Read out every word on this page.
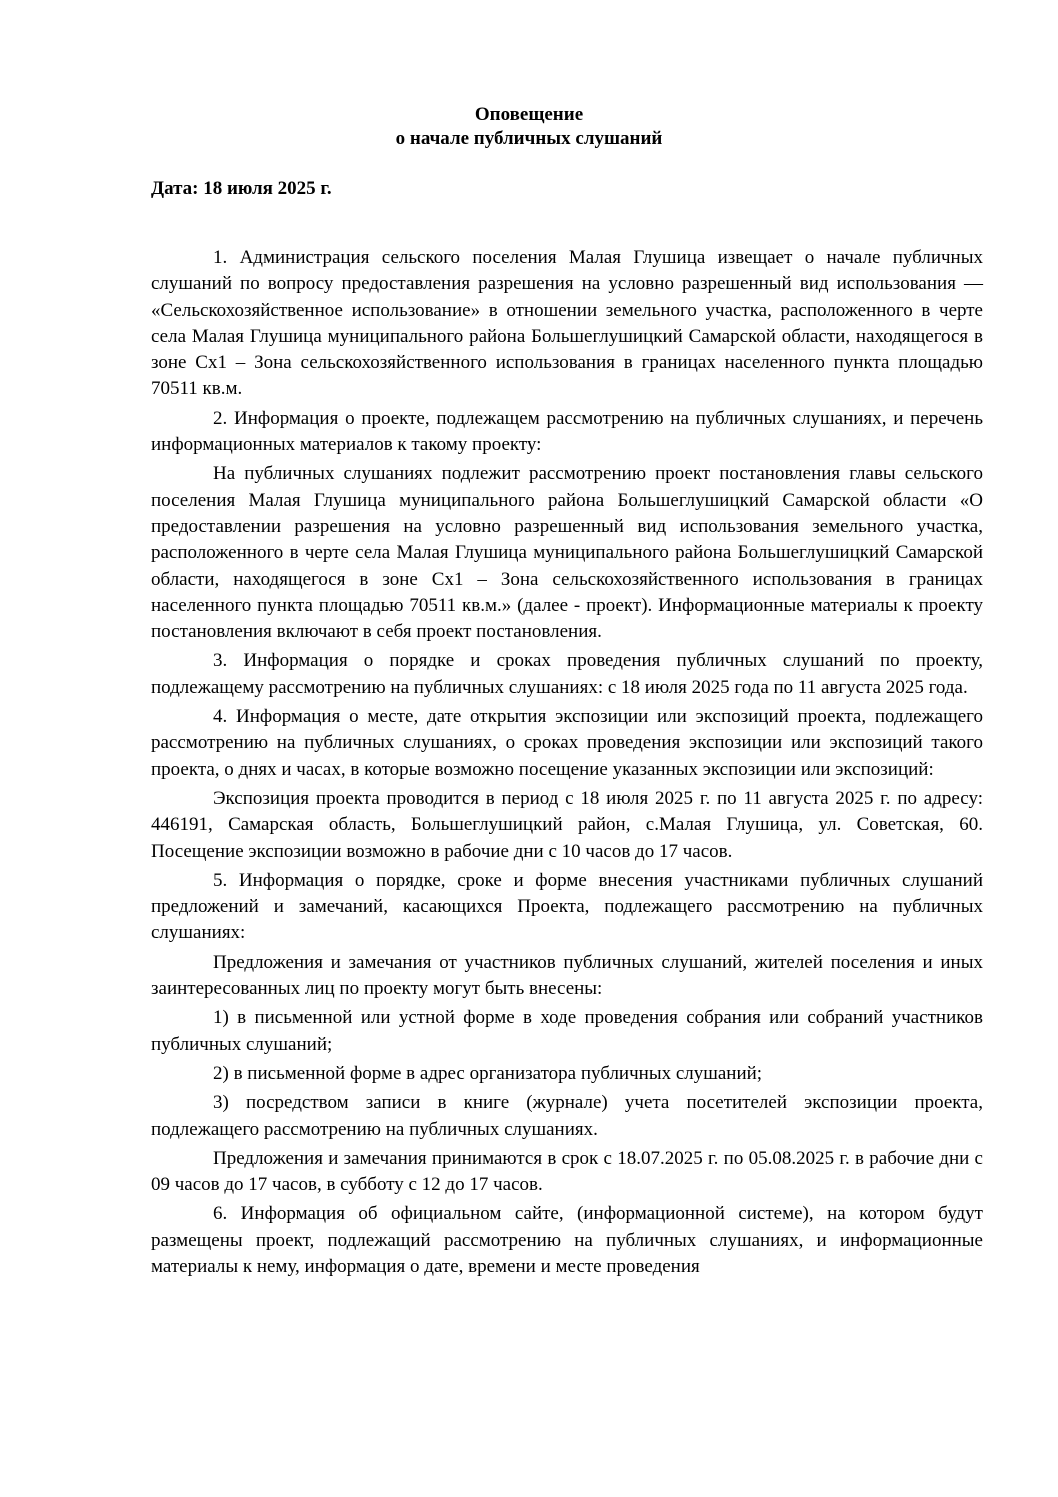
Оповещение

о начале публичных слушаний

Дата: 18 июля 2025 г.

1. Администрация сельского поселения Малая Глушица извещает о начале публичных слушаний по вопросу предоставления разрешения на условно разрешенный вид использования — «Сельскохозяйственное использование» в отношении земельного участка, расположенного в черте села Малая Глушица муниципального района Большеглушицкий Самарской области, находящегося в зоне Сх1 – Зона сельскохозяйственного использования в границах населенного пункта площадью 70511 кв.м.

2. Информация о проекте, подлежащем рассмотрению на публичных слушаниях, и перечень информационных материалов к такому проекту:

На публичных слушаниях подлежит рассмотрению проект постановления главы сельского поселения Малая Глушица муниципального района Большеглушицкий Самарской области «О предоставлении разрешения на условно разрешенный вид использования земельного участка, расположенного в черте села Малая Глушица муниципального района Большеглушицкий Самарской области, находящегося в зоне Сх1 – Зона сельскохозяйственного использования в границах населенного пункта площадью 70511 кв.м.» (далее - проект). Информационные материалы к проекту постановления включают в себя проект постановления.

3. Информация о порядке и сроках проведения публичных слушаний по проекту, подлежащему рассмотрению на публичных слушаниях: с 18 июля 2025 года по 11 августа 2025 года.

4. Информация о месте, дате открытия экспозиции или экспозиций проекта, подлежащего рассмотрению на публичных слушаниях, о сроках проведения экспозиции или экспозиций такого проекта, о днях и часах, в которые возможно посещение указанных экспозиции или экспозиций:

Экспозиция проекта проводится в период с 18 июля 2025 г. по 11 августа 2025 г. по адресу: 446191, Самарская область, Большеглушицкий район, с.Малая Глушица, ул. Советская, 60. Посещение экспозиции возможно в рабочие дни с 10 часов до 17 часов.

5. Информация о порядке, сроке и форме внесения участниками публичных слушаний предложений и замечаний, касающихся Проекта, подлежащего рассмотрению на публичных слушаниях:

Предложения и замечания от участников публичных слушаний, жителей поселения и иных заинтересованных лиц по проекту могут быть внесены:

1) в письменной или устной форме в ходе проведения собрания или собраний участников публичных слушаний;

2) в письменной форме в адрес организатора публичных слушаний;

3) посредством записи в книге (журнале) учета посетителей экспозиции проекта, подлежащего рассмотрению на публичных слушаниях.

Предложения и замечания принимаются в срок с 18.07.2025 г. по 05.08.2025 г. в рабочие дни с 09 часов до 17 часов, в субботу с 12 до 17 часов.

6. Информация об официальном сайте, (информационной системе), на котором будут размещены проект, подлежащий рассмотрению на публичных слушаниях, и информационные материалы к нему, информация о дате, времени и месте проведения
